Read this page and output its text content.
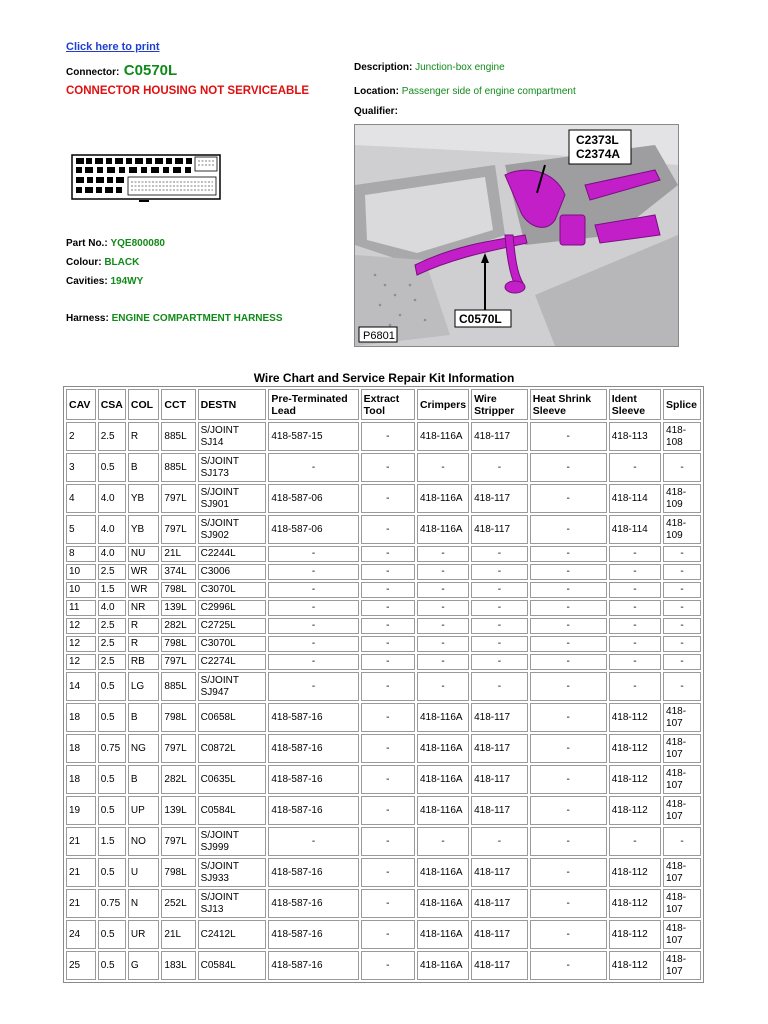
Click here to print
Connector: C0570L
CONNECTOR HOUSING NOT SERVICEABLE
Description: Junction-box engine
Location: Passenger side of engine compartment
Qualifier:
Part No.: YQE800080
Colour: BLACK
Cavities: 194WY
Harness: ENGINE COMPARTMENT HARNESS
C2373L
C2374A
C0570L
P6801
Wire Chart and Service Repair Kit Information
CAV	CSA	COL	CCT	DESTN	Pre-Terminated Lead	Extract Tool	Crimpers	Wire Stripper	Heat Shrink Sleeve	Ident Sleeve	Splice
2	2.5	R	885L	S/JOINT SJ14	418-587-15	-	418-116A	418-117	-	418-113	418-108
3	0.5	B	885L	S/JOINT SJ173	-	-	-	-	-	-	-
4	4.0	YB	797L	S/JOINT SJ901	418-587-06	-	418-116A	418-117	-	418-114	418-109
5	4.0	YB	797L	S/JOINT SJ902	418-587-06	-	418-116A	418-117	-	418-114	418-109
8	4.0	NU	21L	C2244L	-	-	-	-	-	-	-
10	2.5	WR	374L	C3006	-	-	-	-	-	-	-
10	1.5	WR	798L	C3070L	-	-	-	-	-	-	-
11	4.0	NR	139L	C2996L	-	-	-	-	-	-	-
12	2.5	R	282L	C2725L	-	-	-	-	-	-	-
12	2.5	R	798L	C3070L	-	-	-	-	-	-	-
12	2.5	RB	797L	C2274L	-	-	-	-	-	-	-
14	0.5	LG	885L	S/JOINT SJ947	-	-	-	-	-	-	-
18	0.5	B	798L	C0658L	418-587-16	-	418-116A	418-117	-	418-112	418-107
18	0.75	NG	797L	C0872L	418-587-16	-	418-116A	418-117	-	418-112	418-107
18	0.5	B	282L	C0635L	418-587-16	-	418-116A	418-117	-	418-112	418-107
19	0.5	UP	139L	C0584L	418-587-16	-	418-116A	418-117	-	418-112	418-107
21	1.5	NO	797L	S/JOINT SJ999	-	-	-	-	-	-	-
21	0.5	U	798L	S/JOINT SJ933	418-587-16	-	418-116A	418-117	-	418-112	418-107
21	0.75	N	252L	S/JOINT SJ13	418-587-16	-	418-116A	418-117	-	418-112	418-107
24	0.5	UR	21L	C2412L	418-587-16	-	418-116A	418-117	-	418-112	418-107
25	0.5	G	183L	C0584L	418-587-16	-	418-116A	418-117	-	418-112	418-107
